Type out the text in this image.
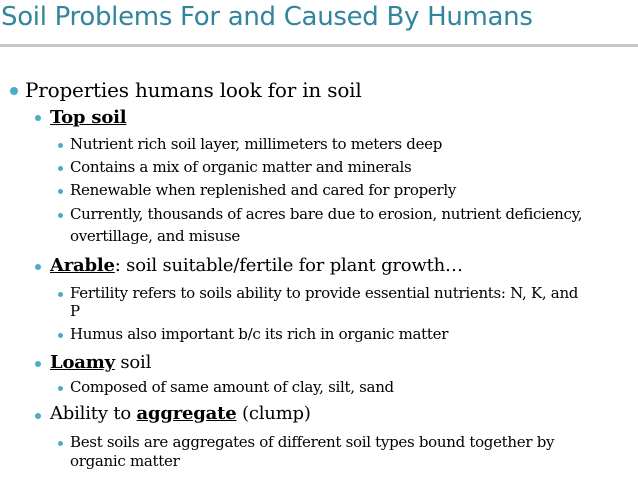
Soil Problems For and Caused By Humans
Properties humans look for in soil
Top soil
Nutrient rich soil layer, millimeters to meters deep
Contains a mix of organic matter and minerals
Renewable when replenished and cared for properly
Currently, thousands of acres bare due to erosion, nutrient deficiency,
overtillage, and misuse
Arable: soil suitable/fertile for plant growth…
Fertility refers to soils ability to provide essential nutrients: N, K, and
P
Humus also important b/c its rich in organic matter
Loamy soil
Composed of same amount of clay, silt, sand
Ability to aggregate (clump)
Best soils are aggregates of different soil types bound together by
organic matter
